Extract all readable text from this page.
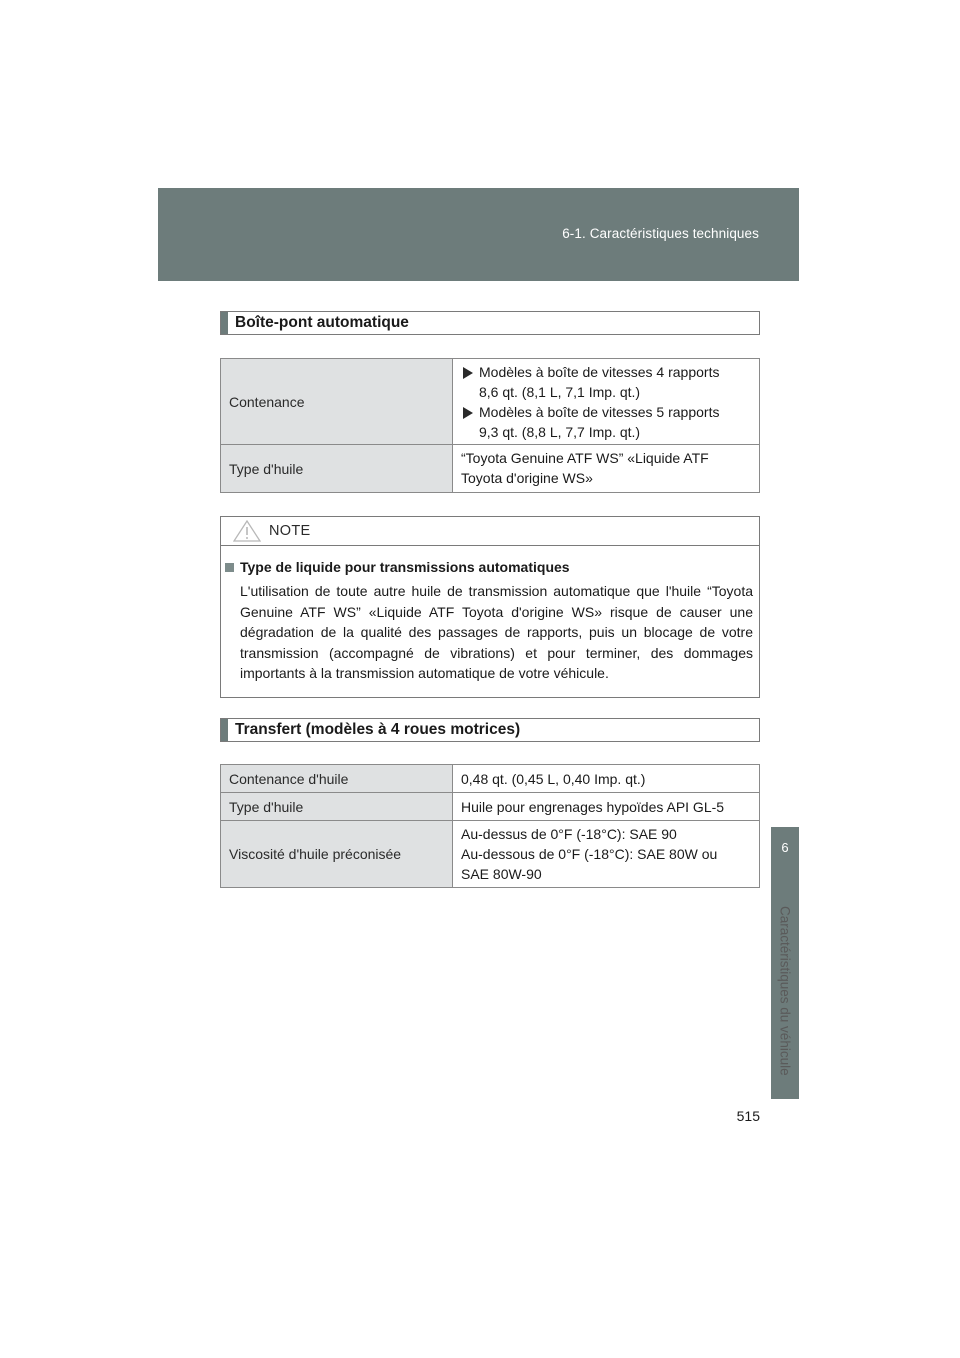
6-1. Caractéristiques techniques
6
Caractéristiques du véhicule
Boîte-pont automatique
Contenance	Modèles à boîte de vitesses 4 rapports
8,6 qt. (8,1 L, 7,1 Imp. qt.)
Modèles à boîte de vitesses 5 rapports
9,3 qt. (8,8 L, 7,7 Imp. qt.)

Type d'huile	“Toyota Genuine ATF WS” «Liquide ATF
Toyota d'origine WS»
NOTE
Type de liquide pour transmissions automatiques
L'utilisation de toute autre huile de transmission automatique que l'huile “Toyota Genuine ATF WS” «Liquide ATF Toyota d'origine WS» risque de causer une dégradation de la qualité des passages de rapports, puis un blocage de votre transmission (accompagné de vibrations) et pour terminer, des dommages importants à la transmission automatique de votre véhicule.
Transfert (modèles à 4 roues motrices)
Contenance d'huile	0,48 qt. (0,45 L, 0,40 Imp. qt.)

Type d'huile	Huile pour engrenages hypoïdes API GL-5

Viscosité d'huile préconisée	Au-dessus de 0°F (-18°C): SAE 90
Au-dessous de 0°F (-18°C): SAE 80W ou
SAE 80W-90
515
